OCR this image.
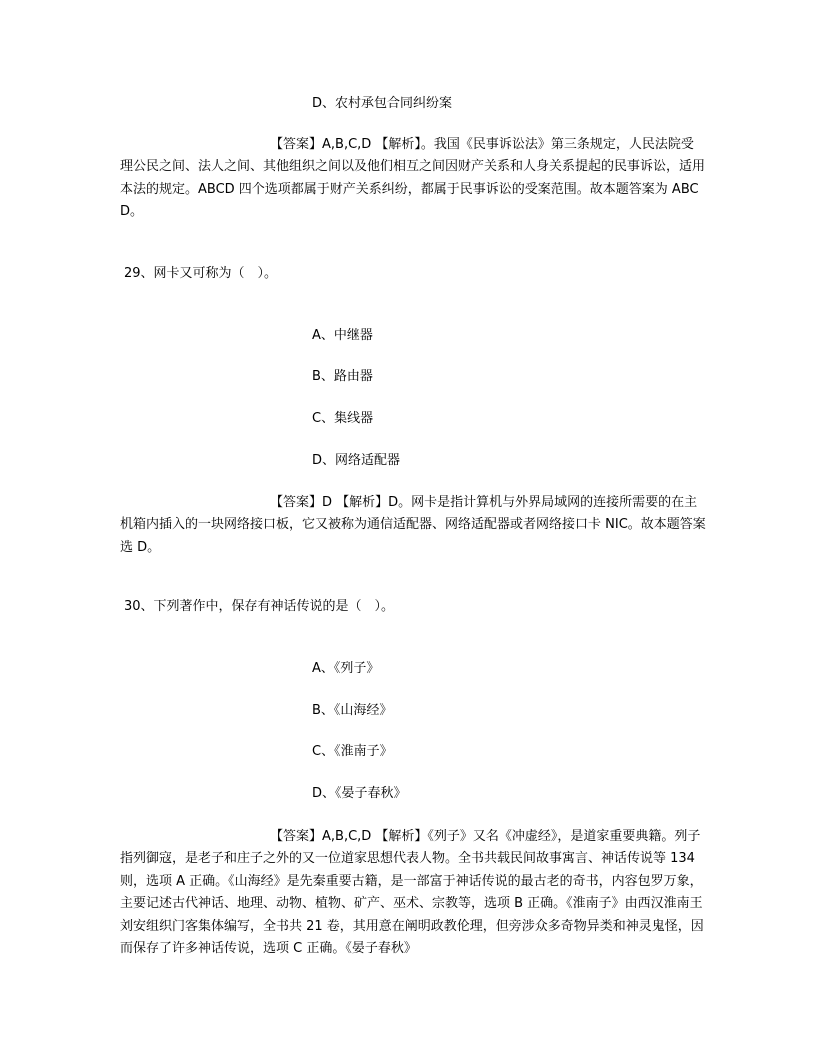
D、农村承包合同纠纷案
【答案】A,B,C,D 【解析】。我国《民事诉讼法》第三条规定，人民法院受理公民之间、法人之间、其他组织之间以及他们相互之间因财产关系和人身关系提起的民事诉讼，适用本法的规定。ABCD 四个选项都属于财产关系纠纷，都属于民事诉讼的受案范围。故本题答案为 ABCD。
29、网卡又可称为（　）。
A、中继器
B、路由器
C、集线器
D、网络适配器
【答案】D 【解析】D。网卡是指计算机与外界局域网的连接所需要的在主机箱内插入的一块网络接口板，它又被称为通信适配器、网络适配器或者网络接口卡 NIC。故本题答案选 D。
30、下列著作中，保存有神话传说的是（　）。
A、《列子》
B、《山海经》
C、《淮南子》
D、《晏子春秋》
【答案】A,B,C,D 【解析】《列子》又名《冲虚经》，是道家重要典籍。列子指列御寇，是老子和庄子之外的又一位道家思想代表人物。全书共载民间故事寓言、神话传说等 134 则，选项 A 正确。《山海经》是先秦重要古籍，是一部富于神话传说的最古老的奇书，内容包罗万象，主要记述古代神话、地理、动物、植物、矿产、巫术、宗教等，选项 B 正确。《淮南子》由西汉淮南王刘安组织门客集体编写，全书共 21 卷，其用意在阐明政教伦理，但旁涉众多奇物异类和神灵鬼怪，因而保存了许多神话传说，选项 C 正确。《晏子春秋》
